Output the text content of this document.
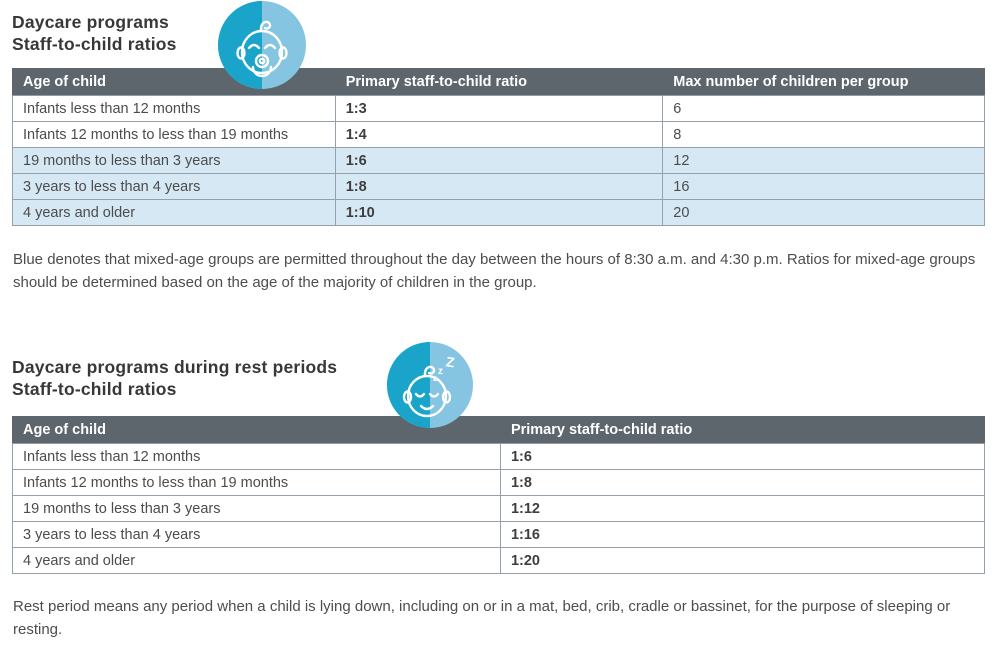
Daycare programs
Staff-to-child ratios
Age of child	Primary staff-to-child ratio	Max number of children per group
Infants less than 12 months	1:3	6
Infants 12 months to less than 19 months	1:4	8
19 months to less than 3 years	1:6	12
3 years to less than 4 years	1:8	16
4 years and older	1:10	20

Blue denotes that mixed-age groups are permitted throughout the day between the hours of 8:30 a.m. and 4:30 p.m. Ratios for mixed-age groups should be determined based on the age of the majority of children in the group.

Daycare programs during rest periods
Staff-to-child ratios
Z
z
z
Age of child	Primary staff-to-child ratio
Infants less than 12 months	1:6
Infants 12 months to less than 19 months	1:8
19 months to less than 3 years	1:12
3 years to less than 4 years	1:16
4 years and older	1:20

Rest period means any period when a child is lying down, including on or in a mat, bed, crib, cradle or bassinet, for the purpose of sleeping or resting.
